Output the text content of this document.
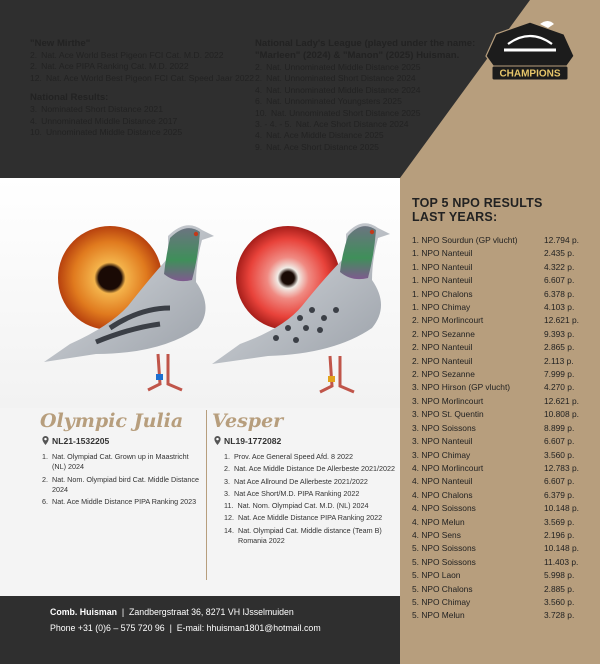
"New Mirthe"
2. Nat. Ace World Best Pigeon FCI Cat. M.D. 2022
2. Nat. Ace PIPA Ranking Cat. M.D. 2022
12. Nat. Ace World Best Pigeon FCI Cat. Speed Jaar 2022
National Results:
3. Nominated Short Distance 2021
4. Unnominated Middle Distance 2017
10. Unnominated Middle Distance 2025
National Lady's League (played under the name: "Marleen" (2024) & "Manon" (2025) Huisman.
2. Nat. Unnominated Middle Distance 2025
2. Nat. Unnominated Short Distance 2024
4. Nat. Unnominated Middle Distance 2024
6. Nat. Unnominated Youngsters 2025
10. Nat. Unnominated Short Distance 2025
3. - 4. - 5. Nat. Ace Short Distance 2024
4. Nat. Ace Middle Distance 2025
9. Nat. Ace Short Distance 2025
CHAMPIONS
TOP 5 NPO RESULTS
LAST YEARS:
1. NPO Sourdun (GP vlucht)	12.794 p.
1. NPO Nanteuil	2.435 p.
1. NPO Nanteuil	4.322 p.
1. NPO Nanteuil	6.607 p.
1. NPO Chalons	6.378 p.
1. NPO Chimay	4.103 p.
2. NPO Morlincourt	12.621 p.
2. NPO Sezanne	9.393 p.
2. NPO Nanteuil	2.865 p.
2. NPO Nanteuil	2.113 p.
2. NPO Sezanne	7.999 p.
3. NPO Hirson (GP vlucht)	4.270 p.
3. NPO Morlincourt	12.621 p.
3. NPO St. Quentin	10.808 p.
3. NPO Soissons	8.899 p.
3. NPO Nanteuil	6.607 p.
3. NPO Chimay	3.560 p.
4. NPO Morlincourt	12.783 p.
4. NPO Nanteuil	6.607 p.
4. NPO Chalons	6.379 p.
4. NPO Soissons	10.148 p.
4. NPO Melun	3.569 p.
4. NPO Sens	2.196 p.
5. NPO Soissons	10.148 p.
5. NPO Soissons	11.403 p.
5. NPO Laon	5.998 p.
5. NPO Chalons	2.885 p.
5. NPO Chimay	3.560 p.
5. NPO Melun	3.728 p.
Olympic Julia
NL21-1532205
1. Nat. Olympiad Cat. Grown up in Maastricht (NL) 2024
2. Nat. Nom. Olympiad bird Cat. Middle Distance 2024
6. Nat. Ace Middle Distance PIPA Ranking 2023
Vesper
NL19-1772082
1. Prov. Ace General Speed Afd. 8 2022
2. Nat. Ace Middle Distance De Allerbeste 2021/2022
3. Nat Ace Allround De Allerbeste 2021/2022
3. Nat Ace Short/M.D. PIPA Ranking 2022
11. Nat. Nom. Olympiad Cat. M.D. (NL) 2024
12. Nat. Ace Middle Distance PIPA Ranking 2022
14. Nat. Olympiad Cat. Middle distance (Team B) Romania 2022
Comb. Huisman  |  Zandbergstraat 36, 8271 VH IJsselmuiden
Phone +31 (0)6 – 575 720 96  |  E-mail: hhuisman1801@hotmail.com
